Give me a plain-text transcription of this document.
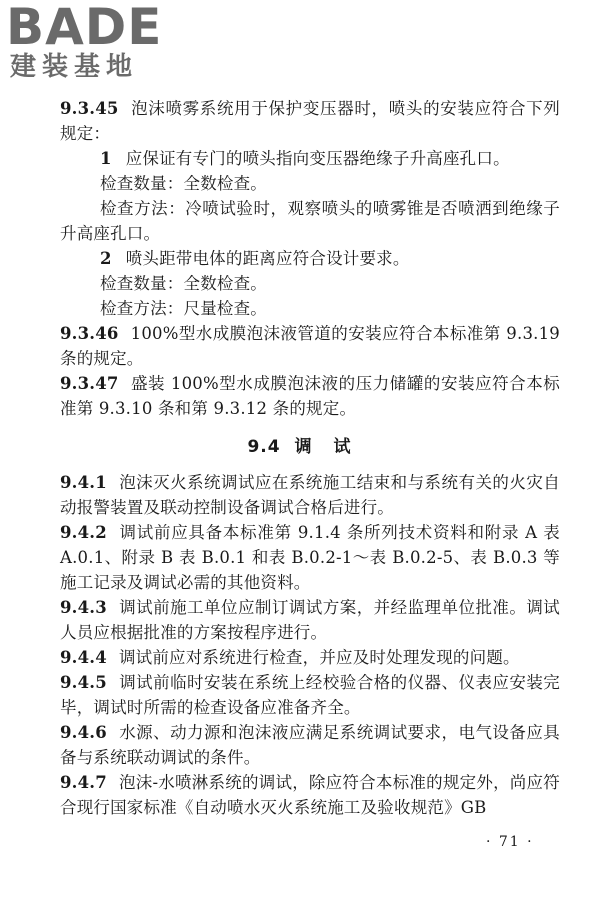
BADE
建装基地

9.3.45 泡沫喷雾系统用于保护变压器时，喷头的安装应符合下列规定：

1 应保证有专门的喷头指向变压器绝缘子升高座孔口。

检查数量：全数检查。

检查方法：冷喷试验时，观察喷头的喷雾锥是否喷洒到绝缘子升高座孔口。

2 喷头距带电体的距离应符合设计要求。

检查数量：全数检查。

检查方法：尺量检查。

9.3.46 100%型水成膜泡沫液管道的安装应符合本标准第 9.3.19 条的规定。

9.3.47 盛装 100%型水成膜泡沫液的压力储罐的安装应符合本标准第 9.3.10 条和第 9.3.12 条的规定。

9.4 调试

9.4.1 泡沫灭火系统调试应在系统施工结束和与系统有关的火灾自动报警装置及联动控制设备调试合格后进行。

9.4.2 调试前应具备本标准第 9.1.4 条所列技术资料和附录 A 表 A.0.1、附录 B 表 B.0.1 和表 B.0.2-1～表 B.0.2-5、表 B.0.3 等施工记录及调试必需的其他资料。

9.4.3 调试前施工单位应制订调试方案，并经监理单位批准。调试人员应根据批准的方案按程序进行。

9.4.4 调试前应对系统进行检查，并应及时处理发现的问题。

9.4.5 调试前临时安装在系统上经校验合格的仪器、仪表应安装完毕，调试时所需的检查设备应准备齐全。

9.4.6 水源、动力源和泡沫液应满足系统调试要求，电气设备应具备与系统联动调试的条件。

9.4.7 泡沫-水喷淋系统的调试，除应符合本标准的规定外，尚应符合现行国家标准《自动喷水灭火系统施工及验收规范》GB

· 71 ·
